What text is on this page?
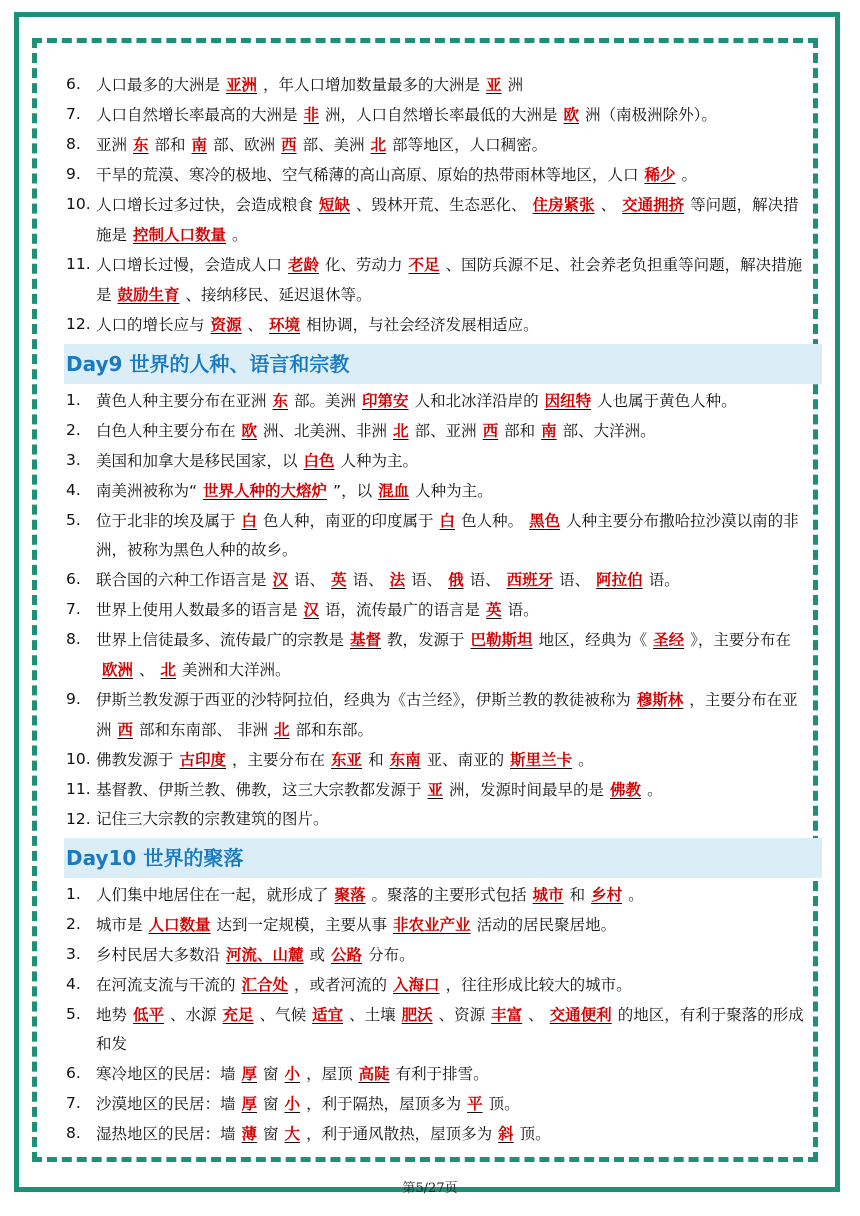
6. 人口最多的大洲是 亚洲 ，年人口增加数量最多的大洲是 亚 洲
7. 人口自然增长率最高的大洲是 非 洲，人口自然增长率最低的大洲是 欧 洲（南极洲除外）。
8. 亚洲 东 部和 南 部、欧洲 西 部、美洲 北 部等地区，人口稠密。
9. 干旱的荒漠、寒冷的极地、空气稀薄的高山高原、原始的热带雨林等地区，人口 稀少 。
10. 人口增长过多过快，会造成粮食 短缺 、毁林开荒、生态恶化、 住房紧张 、 交通拥挤 等问题，解决措施是 控制人口数量 。
11. 人口增长过慢，会造成人口 老龄 化、劳动力 不足 、国防兵源不足、社会养老负担重等问题，解决措施是 鼓励生育 、接纳移民、延迟退休等。
12. 人口的增长应与 资源 、 环境 相协调，与社会经济发展相适应。
Day9 世界的人种、语言和宗教
1. 黄色人种主要分布在亚洲 东 部。美洲 印第安 人和北冰洋沿岸的 因纽特 人也属于黄色人种。
2. 白色人种主要分布在 欧 洲、北美洲、非洲 北 部、亚洲 西 部和 南 部、大洋洲。
3. 美国和加拿大是移民国家，以 白色 人种为主。
4. 南美洲被称为“ 世界人种的大熔炉 ”，以 混血 人种为主。
5. 位于北非的埃及属于 白 色人种，南亚的印度属于 白 色人种。 黑色 人种主要分布撒哈拉沙漠以南的非洲，被称为黑色人种的故乡。
6. 联合国的六种工作语言是 汉 语、 英 语、 法 语、 俄 语、 西班牙 语、 阿拉伯 语。
7. 世界上使用人数最多的语言是 汉 语，流传最广的语言是 英 语。
8. 世界上信徒最多、流传最广的宗教是 基督 教，发源于 巴勒斯坦 地区，经典为《 圣经 》，主要分布在欧洲 、 北 美洲和大洋洲。
9. 伊斯兰教发源于西亚的沙特阿拉伯，经典为《古兰经》，伊斯兰教的教徒被称为 穆斯林 ，主要分布在亚洲 西 部和东南部、 非洲 北 部和东部。
10. 佛教发源于 古印度 ，主要分布在 东亚 和 东南 亚、南亚的 斯里兰卡 。
11. 基督教、伊斯兰教、佛教，这三大宗教都发源于 亚 洲，发源时间最早的是 佛教 。
12. 记住三大宗教的宗教建筑的图片。
Day10 世界的聚落
1. 人们集中地居住在一起，就形成了 聚落 。聚落的主要形式包括 城市 和 乡村 。
2. 城市是 人口数量 达到一定规模，主要从事 非农业产业 活动的居民聚居地。
3. 乡村民居大多数沿 河流、山麓 或 公路 分布。
4. 在河流支流与干流的 汇合处 ，或者河流的 入海口 ，往往形成比较大的城市。
5. 地势 低平 、水源 充足 、气候 适宜 、土壤 肥沃 、资源 丰富 、 交通便利 的地区，有利于聚落的形成和发
6. 寒冷地区的民居：墙 厚 窗 小 ，屋顶 高陡 有利于排雪。
7. 沙漠地区的民居：墙 厚 窗 小 ，利于隔热，屋顶多为 平 顶。
8. 湿热地区的民居：墙 薄 窗 大 ，利于通风散热，屋顶多为 斜 顶。
第5/27页
